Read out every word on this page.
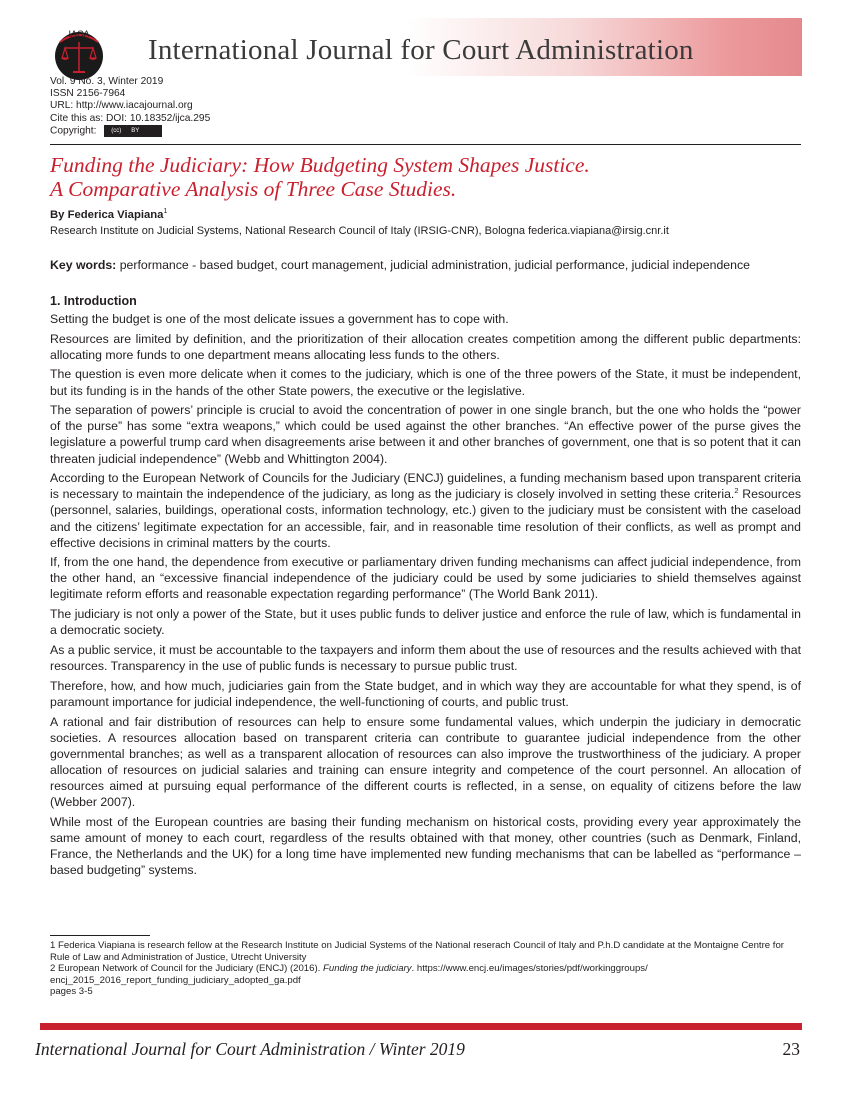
IACA International Journal for Court Administration
Vol. 9 No. 3, Winter 2019
ISSN 2156-7964
URL: http://www.iacajournal.org
Cite this as: DOI: 10.18352/ijca.295
Copyright:	(cc)	BY
Funding the Judiciary: How Budgeting System Shapes Justice.
A Comparative Analysis of Three Case Studies.
By Federica Viapiana$^1$
Research Institute on Judicial Systems, National Research Council of Italy (IRSIG-CNR), Bologna federica.viapiana@irsig.cnr.it
Key words: performance - based budget, court management, judicial administration, judicial performance, judicial independence
1. Introduction

Setting the budget is one of the most delicate issues a government has to cope with.

Resources are limited by definition, and the prioritization of their allocation creates competition among the different public departments: allocating more funds to one department means allocating less funds to the others.

The question is even more delicate when it comes to the judiciary, which is one of the three powers of the State, it must be independent, but its funding is in the hands of the other State powers, the executive or the legislative.

The separation of powers’ principle is crucial to avoid the concentration of power in one single branch, but the one who holds the “power of the purse” has some “extra weapons,” which could be used against the other branches. “An effective power of the purse gives the legislature a powerful trump card when disagreements arise between it and other branches of government, one that is so potent that it can threaten judicial independence” (Webb and Whittington 2004).

According to the European Network of Councils for the Judiciary (ENCJ) guidelines, a funding mechanism based upon transparent criteria is necessary to maintain the independence of the judiciary, as long as the judiciary is closely involved in setting these criteria.$^2$ Resources (personnel, salaries, buildings, operational costs, information technology, etc.) given to the judiciary must be consistent with the caseload and the citizens’ legitimate expectation for an accessible, fair, and in reasonable time resolution of their conflicts, as well as prompt and effective decisions in criminal matters by the courts.

If, from the one hand, the dependence from executive or parliamentary driven funding mechanisms can affect judicial independence, from the other hand, an “excessive financial independence of the judiciary could be used by some judiciaries to shield themselves against legitimate reform efforts and reasonable expectation regarding performance” (The World Bank 2011).

The judiciary is not only a power of the State, but it uses public funds to deliver justice and enforce the rule of law, which is fundamental in a democratic society.

As a public service, it must be accountable to the taxpayers and inform them about the use of resources and the results achieved with that resources. Transparency in the use of public funds is necessary to pursue public trust.

Therefore, how, and how much, judiciaries gain from the State budget, and in which way they are accountable for what they spend, is of paramount importance for judicial independence, the well-functioning of courts, and public trust.

A rational and fair distribution of resources can help to ensure some fundamental values, which underpin the judiciary in democratic societies. A resources allocation based on transparent criteria can contribute to guarantee judicial independence from the other governmental branches; as well as a transparent allocation of resources can also improve the trustworthiness of the judiciary. A proper allocation of resources on judicial salaries and training can ensure integrity and competence of the court personnel. An allocation of resources aimed at pursuing equal performance of the different courts is reflected, in a sense, on equality of citizens before the law (Webber 2007).

While most of the European countries are basing their funding mechanism on historical costs, providing every year approximately the same amount of money to each court, regardless of the results obtained with that money, other countries (such as Denmark, Finland, France, the Netherlands and the UK) for a long time have implemented new funding mechanisms that can be labelled as “performance – based budgeting” systems.

1 Federica Viapiana is research fellow at the Research Institute on Judicial Systems of the National reserach Council of Italy and P.h.D candidate at the Montaigne Centre for Rule of Law and Administration of Justice, Utrecht University

2 European Network of Council for the Judiciary (ENCJ) (2016). Funding the judiciary. https://www.encj.eu/images/stories/pdf/workinggroups/

encj_2015_2016_report_funding_judiciary_adopted_ga.pdf

pages 3-5

International Journal for Court Administration / Winter 2019	23
